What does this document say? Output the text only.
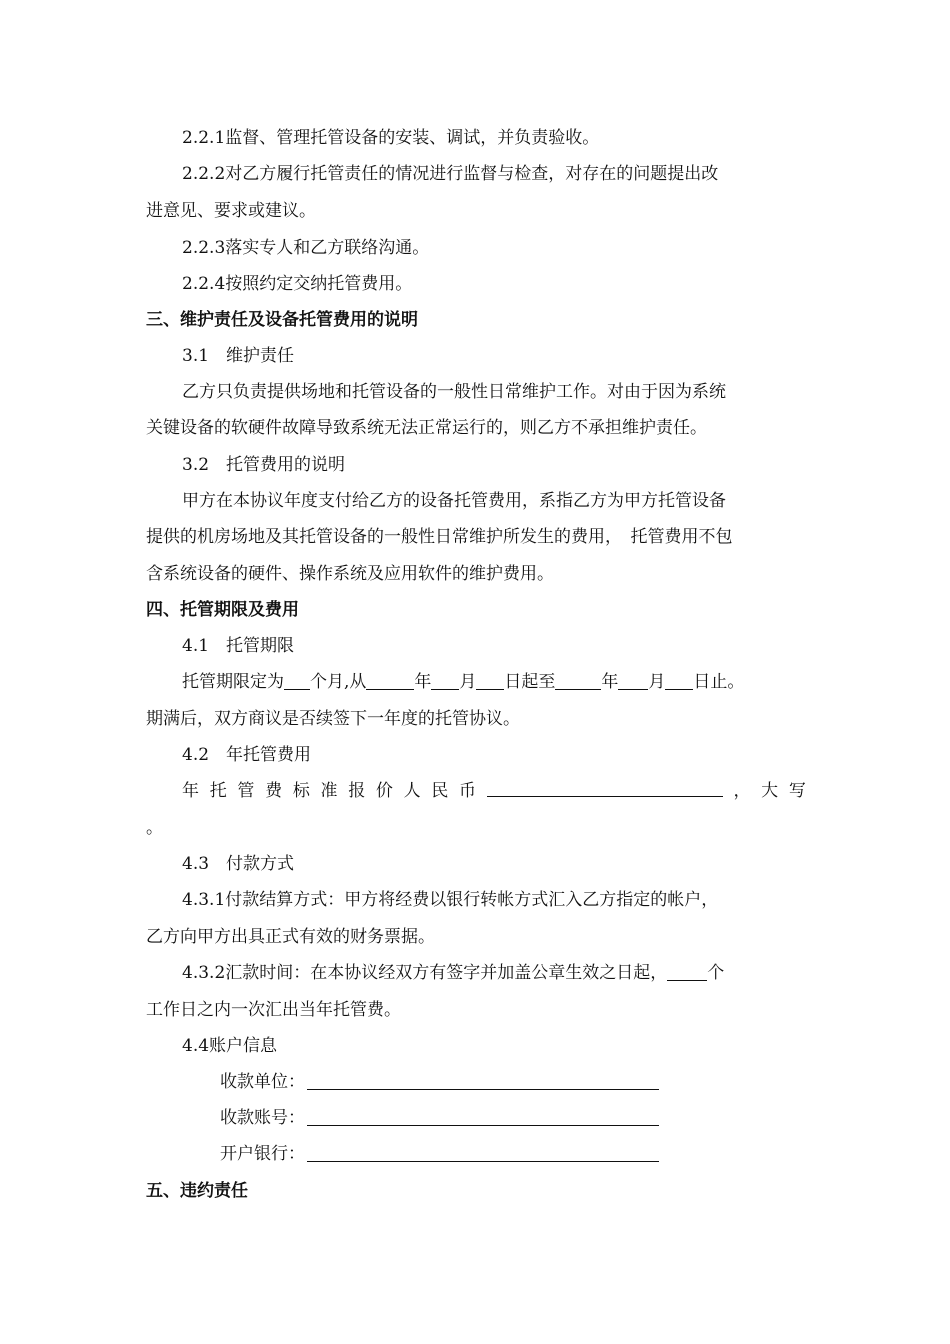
2.2.1监督、管理托管设备的安装、调试，并负责验收。
2.2.2对乙方履行托管责任的情况进行监督与检查，对存在的问题提出改
进意见、要求或建议。
2.2.3落实专人和乙方联络沟通。
2.2.4按照约定交纳托管费用。
三、维护责任及设备托管费用的说明
3.1　维护责任
乙方只负责提供场地和托管设备的一般性日常维护工作。对由于因为系统
关键设备的软硬件故障导致系统无法正常运行的，则乙方不承担维护责任。
3.2　托管费用的说明
甲方在本协议年度支付给乙方的设备托管费用，系指乙方为甲方托管设备
提供的机房场地及其托管设备的一般性日常维护所发生的费用，　托管费用不包
含系统设备的硬件、操作系统及应用软件的维护费用。
四、托管期限及费用
4.1　托管期限
托管期限定为 个月,从	年 月 日起至	年 月 日止。
期满后，双方商议是否续签下一年度的托管协议。
4.2　年托管费用
年 托 管 费 标 准 报 价 人 民 币	， 大 写
。
4.3　付款方式
4.3.1付款结算方式：甲方将经费以银行转帐方式汇入乙方指定的帐户，
乙方向甲方出具正式有效的财务票据。
4.3.2汇款时间：在本协议经双方有签字并加盖公章生效之日起， 个
工作日之内一次汇出当年托管费。
4.4账户信息
收款单位：
收款账号：
开户银行：
五、违约责任
